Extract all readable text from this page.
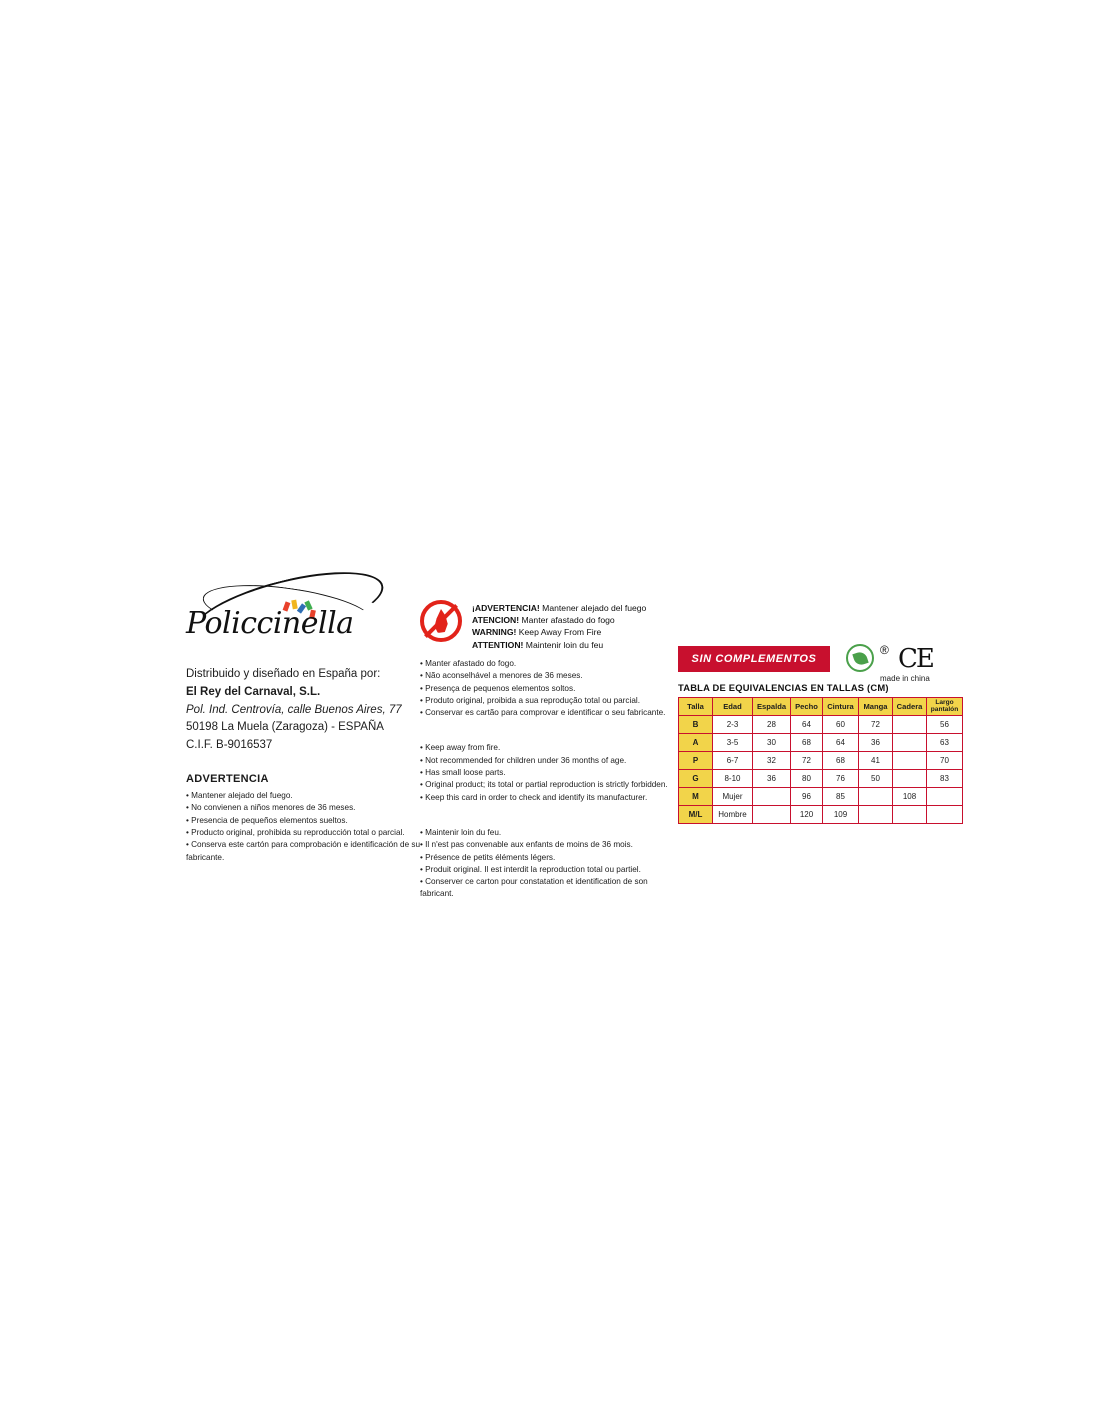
Policcinella
Distribuido y diseñado en España por:
El Rey del Carnaval, S.L.
Pol. Ind. Centrovía, calle Buenos Aires, 77
50198 La Muela (Zaragoza) - ESPAÑA
C.I.F. B-9016537
ADVERTENCIA
• Mantener alejado del fuego.
• No convienen a niños menores de 36 meses.
• Presencia de pequeños elementos sueltos.
• Producto original, prohibida su reproducción total o parcial.
• Conserva este cartón para comprobación e identificación de su fabricante.
¡ADVERTENCIA! Mantener alejado del fuego
ATENCION! Manter afastado do fogo
WARNING! Keep Away From Fire
ATTENTION! Maintenir loin du feu
• Manter afastado do fogo.
• Não aconselhável a menores de 36 meses.
• Presença de pequenos elementos soltos.
• Produto original, proibida a sua reprodução total ou parcial.
• Conservar es cartão para comprovar e identificar o seu fabricante.
• Keep away from fire.
• Not recommended for children under 36 months of age.
• Has small loose parts.
• Original product; its total or partial reproduction is strictly forbidden.
• Keep this card in order to check and identify its manufacturer.
• Maintenir loin du feu.
• Il n'est pas convenable aux enfants de moins de 36 mois.
• Présence de petits éléments légers.
• Produit original. Il est interdit la reproduction total ou partiel.
• Conserver ce carton pour constatation et identification de son fabricant.
SIN COMPLEMENTOS
® CE
made in china
TABLA DE EQUIVALENCIAS EN TALLAS (CM)
Talla	Edad	Espalda	Pecho	Cintura	Manga	Cadera	Largo pantalón
B	2-3	28	64	60	72		56
A	3-5	30	68	64	36		63
P	6-7	32	72	68	41		70
G	8-10	36	80	76	50		83
M	Mujer		96	85		108	
M/L	Hombre		120	109			
